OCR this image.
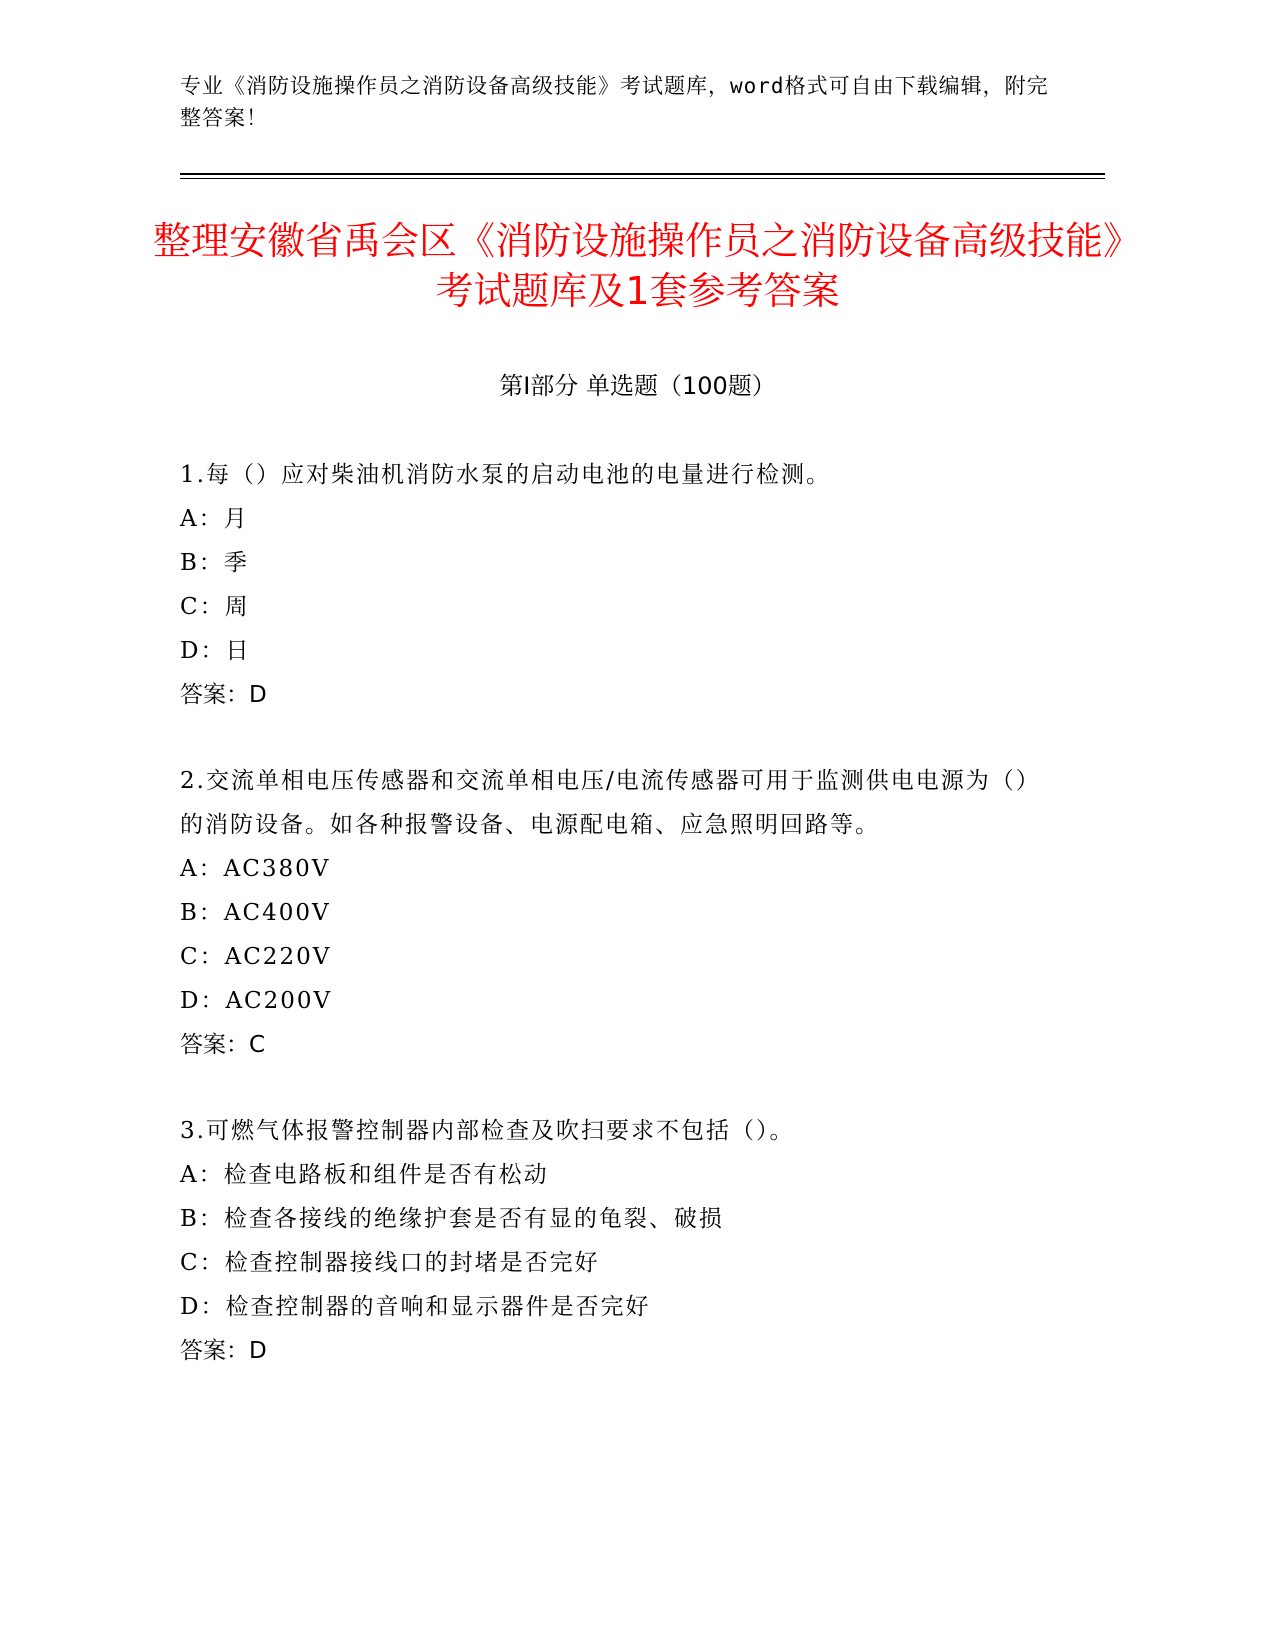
专业《消防设施操作员之消防设备高级技能》考试题库，word格式可自由下载编辑，附完整答案！
整理安徽省禹会区《消防设施操作员之消防设备高级技能》考试题库及1套参考答案
第Ⅰ部分 单选题（100题）
1.每（）应对柴油机消防水泵的启动电池的电量进行检测。
A：月
B：季
C：周
D：日
答案：D
2.交流单相电压传感器和交流单相电压/电流传感器可用于监测供电电源为（）的消防设备。如各种报警设备、电源配电箱、应急照明回路等。
A：AC380V
B：AC400V
C：AC220V
D：AC200V
答案：C
3.可燃气体报警控制器内部检查及吹扫要求不包括（）。
A：检查电路板和组件是否有松动
B：检查各接线的绝缘护套是否有显的龟裂、破损
C：检查控制器接线口的封堵是否完好
D：检查控制器的音响和显示器件是否完好
答案：D
